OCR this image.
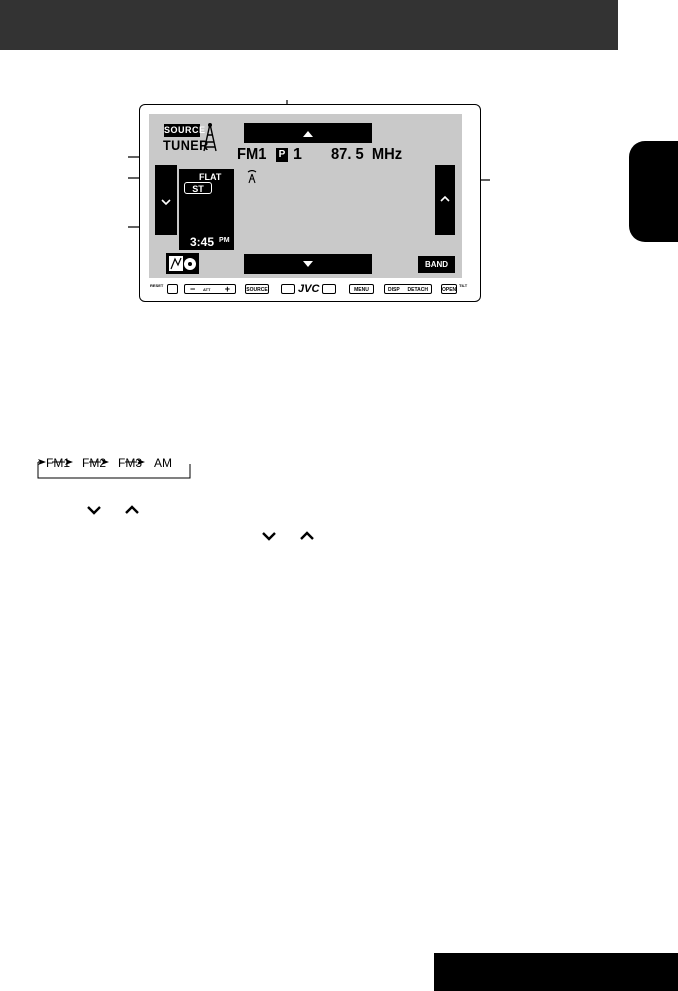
SOURCE
TUNER
BAND
FM1 P 1 87. 5  MHz
FLAT
ST
3:45 $^{PM}$
RESET	−	+
ATT	SOURCE	JVC	MENU	DISP DETACH	OPEN
TILT
FM1 FM2 FM3 AM
